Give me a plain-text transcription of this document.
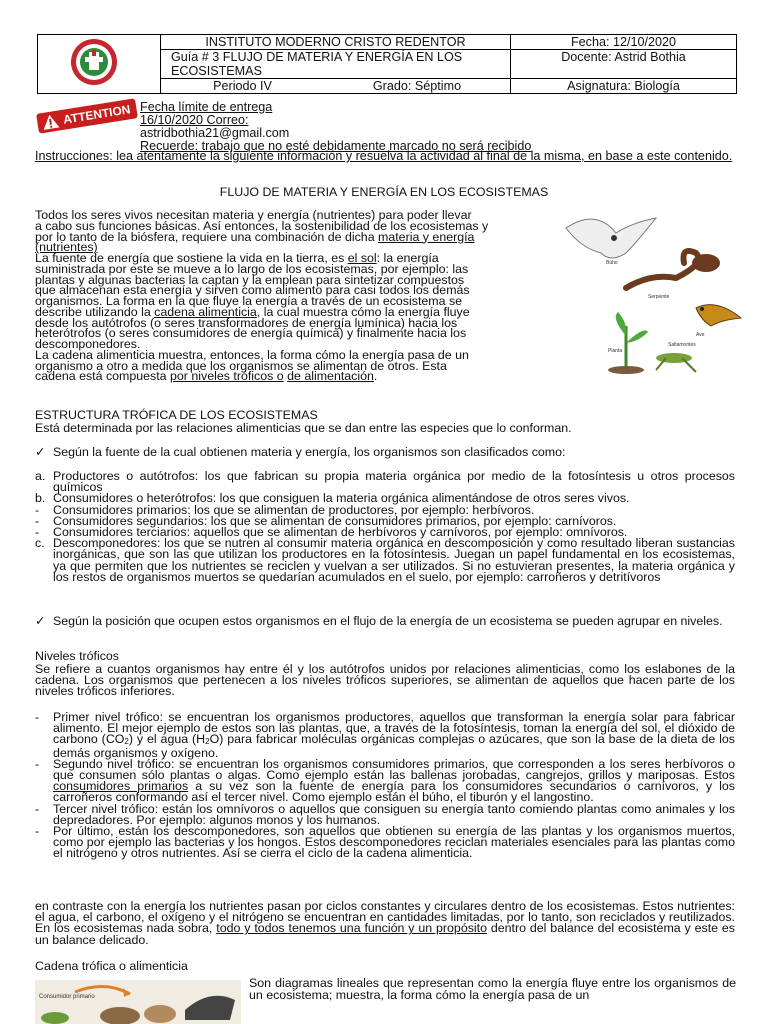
	INSTITUTO MODERNO CRISTO REDENTOR	Fecha: 12/10/2020
	Guía # 3 FLUJO DE MATERIA Y ENERGÍA EN LOS ECOSISTEMAS	Docente: Astrid Bothia

	Periodo IV Grado: Séptimo	Asignatura: Biología
ATTENTION Fecha límite de entrega
16/10/2020 Correo:
astridbothia21@gmail.com
Recuerde: trabajo que no esté debidamente marcado no será recibido
Instrucciones: lea atentamente la siguiente información y resuelva la actividad al final de la misma, en base a este contenido.
FLUJO DE MATERIA Y ENERGÍA EN LOS ECOSISTEMAS
Todos los seres vivos necesitan materia y energía (nutrientes) para poder llevar
a cabo sus funciones básicas. Así entonces, la sostenibilidad de los ecosistemas y
por lo tanto de la biósfera, requiere una combinación de dicha materia y energía
(nutrientes)
La fuente de energía que sostiene la vida en la tierra, es el sol: la energía
suministrada por este se mueve a lo largo de los ecosistemas, por ejemplo: las
plantas y algunas bacterias la captan y la emplean para sintetizar compuestos
que almacenan esta energía y sirven como alimento para casi todos los demás
organismos. La forma en la que fluye la energía a través de un ecosistema se
describe utilizando la cadena alimenticia, la cual muestra cómo la energía fluye
desde los autótrofos (o seres transformadores de energía lumínica) hacia los
heterótrofos (o seres consumidores de energía química) y finalmente hacia los
descomponedores.
La cadena alimenticia muestra, entonces, la forma cómo la energía pasa de un
organismo a otro a medida que los organismos se alimentan de otros. Esta
cadena está compuesta por niveles tróficos o de alimentación.
Búho
Serpiente
Ave
Planta
Saltamontes
ESTRUCTURA TRÓFICA DE LOS ECOSISTEMAS
Está determinada por las relaciones alimenticias que se dan entre las especies que lo conforman.
✓ Según la fuente de la cual obtienen materia y energía, los organismos son clasificados como:
a. Productores o autótrofos: los que fabrican su propia materia orgánica por medio de la fotosíntesis u otros procesos químicos
b. Consumidores o heterótrofos: los que consiguen la materia orgánica alimentándose de otros seres vivos.
-	Consumidores primarios: los que se alimentan de productores, por ejemplo: herbívoros.
-	Consumidores segundarios: los que se alimentan de consumidores primarios, por ejemplo: carnívoros.
-	Consumidores terciarios: aquellos que se alimentan de herbívoros y carnívoros, por ejemplo: omnívoros.
c. Descomponedores: los que se nutren al consumir materia orgánica en descomposición y como resultado liberan sustancias inorgánicas, que son las que utilizan los productores en la fotosíntesis. Juegan un papel fundamental en los ecosistemas, ya que permiten que los nutrientes se reciclen y vuelvan a ser utilizados. Si no estuvieran presentes, la materia orgánica y los restos de organismos muertos se quedarían acumulados en el suelo, por ejemplo: carroñeros y detritívoros
✓ Según la posición que ocupen estos organismos en el flujo de la energía de un ecosistema se pueden agrupar en niveles.
Niveles tróficos
Se refiere a cuantos organismos hay entre él y los autótrofos unidos por relaciones alimenticias, como los eslabones de la cadena. Los organismos que pertenecen a los niveles tróficos superiores, se alimentan de aquellos que hacen parte de los niveles tróficos inferiores.
-	Primer nivel trófico: se encuentran los organismos productores, aquellos que transforman la energía solar para fabricar alimento. El mejor ejemplo de estos son las plantas, que, a través de la fotosíntesis, toman la energía del sol, el dióxido de carbono (CO2) y el agua (H2O) para fabricar moléculas orgánicas complejas o azúcares, que son la base de la dieta de los demás organismos y oxígeno.
-	Segundo nivel trófico: se encuentran los organismos consumidores primarios, que corresponden a los seres herbívoros o que consumen sólo plantas o algas. Como ejemplo están las ballenas jorobadas, cangrejos, grillos y mariposas. Estos consumidores primarios a su vez son la fuente de energía para los consumidores secundarios o carnívoros, y los carroñeros conformando así el tercer nivel. Como ejemplo están el búho, el tiburón y el langostino.
-	Tercer nivel trófico: están los omnívoros o aquellos que consiguen su energía tanto comiendo plantas como animales y los depredadores. Por ejemplo: algunos monos y los humanos.
-	Por último, están los descomponedores, son aquellos que obtienen su energía de las plantas y los organismos muertos, como por ejemplo las bacterias y los hongos. Estos descomponedores reciclan materiales esenciales para las plantas como el nitrógeno y otros nutrientes. Así se cierra el ciclo de la cadena alimenticia.
en contraste con la energía los nutrientes pasan por ciclos constantes y circulares dentro de los ecosistemas. Estos nutrientes: el agua, el carbono, el oxígeno y el nitrógeno se encuentran en cantidades limitadas, por lo tanto, son reciclados y reutilizados. En los ecosistemas nada sobra, todo y todos tenemos una función y un propósito dentro del balance del ecosistema y este es un balance delicado.
Cadena trófica o alimenticia
Consumidor primario
Son diagramas lineales que representan como la energía fluye entre los organismos de un ecosistema; muestra, la forma cómo la energía pasa de un
